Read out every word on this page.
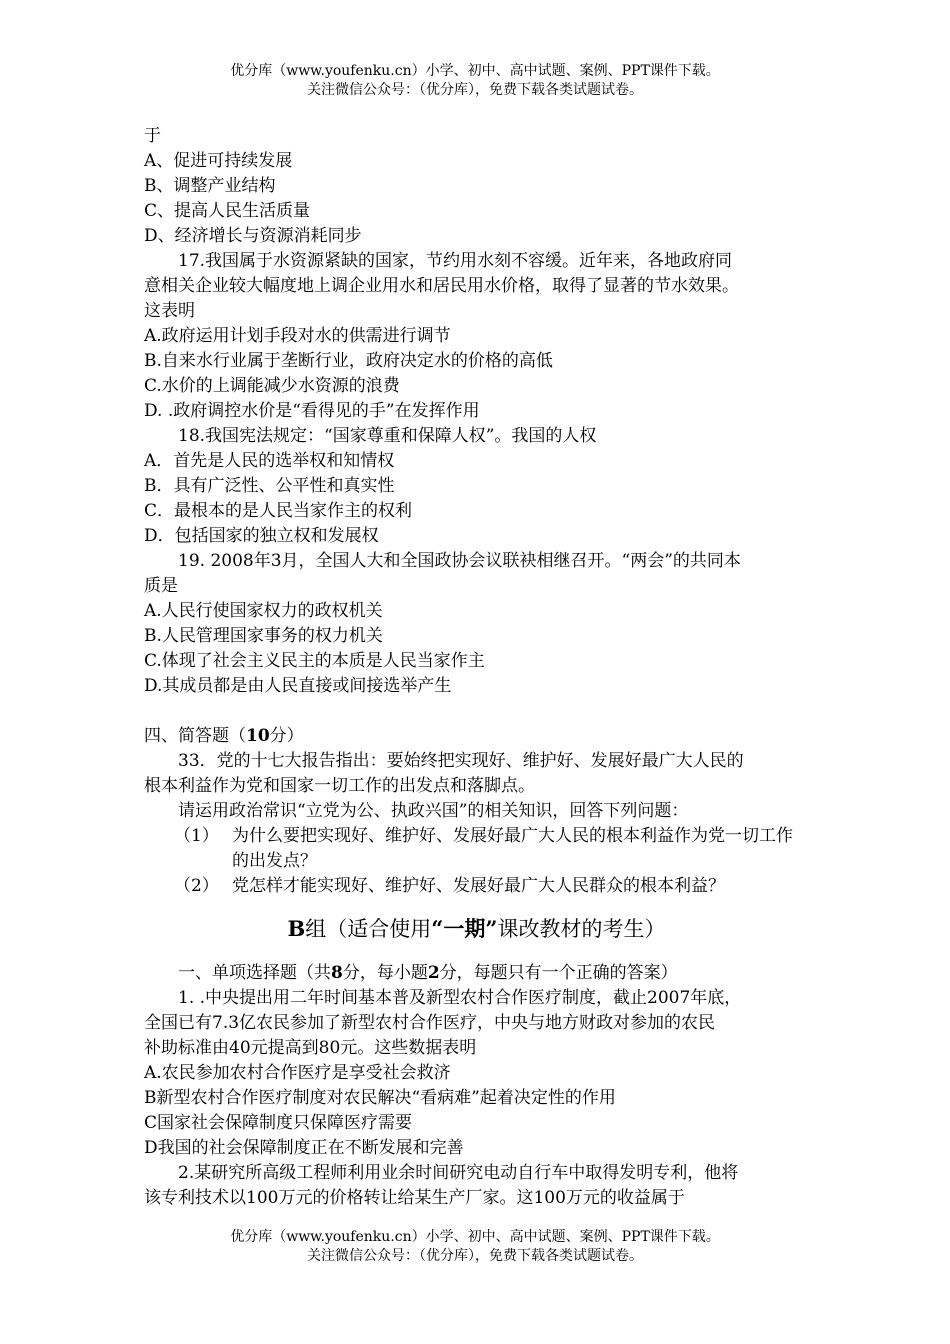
优分库（www.youfenku.cn）小学、初中、高中试题、案例、PPT课件下载。
关注微信公众号：（优分库），免费下载各类试题试卷。

于

A、促进可持续发展

B、调整产业结构

C、提高人民生活质量

D、经济增长与资源消耗同步

17.我国属于水资源紧缺的国家，节约用水刻不容缓。近年来，各地政府同

意相关企业较大幅度地上调企业用水和居民用水价格，取得了显著的节水效果。

这表明

A.政府运用计划手段对水的供需进行调节

B.自来水行业属于垄断行业，政府决定水的价格的高低

C.水价的上调能减少水资源的浪费

D. .政府调控水价是“看得见的手”在发挥作用

18.我国宪法规定：“国家尊重和保障人权”。我国的人权

A．首先是人民的选举权和知情权

B．具有广泛性、公平性和真实性

C．最根本的是人民当家作主的权利

D．包括国家的独立权和发展权

19. 2008年3月，全国人大和全国政协会议联袂相继召开。“两会”的共同本

质是

A.人民行使国家权力的政权机关

B.人民管理国家事务的权力机关

C.体现了社会主义民主的本质是人民当家作主

D.其成员都是由人民直接或间接选举产生

四、简答题（10分）

33．党的十七大报告指出：要始终把实现好、维护好、发展好最广大人民的

根本利益作为党和国家一切工作的出发点和落脚点。

请运用政治常识“立党为公、执政兴国”的相关知识，回答下列问题：

（1） 为什么要把实现好、维护好、发展好最广大人民的根本利益作为党一切工作的出发点？

（2） 党怎样才能实现好、维护好、发展好最广大人民群众的根本利益？

B组（适合使用“一期”课改教材的考生）

一、单项选择题（共8分，每小题2分，每题只有一个正确的答案）

1. .中央提出用二年时间基本普及新型农村合作医疗制度，截止2007年底，

全国已有7.3亿农民参加了新型农村合作医疗，中央与地方财政对参加的农民

补助标准由40元提高到80元。这些数据表明

A.农民参加农村合作医疗是享受社会救济

B新型农村合作医疗制度对农民解决“看病难”起着决定性的作用

C国家社会保障制度只保障医疗需要

D我国的社会保障制度正在不断发展和完善

2.某研究所高级工程师利用业余时间研究电动自行车中取得发明专利，他将

该专利技术以100万元的价格转让给某生产厂家。这100万元的收益属于

优分库（www.youfenku.cn）小学、初中、高中试题、案例、PPT课件下载。
关注微信公众号：（优分库），免费下载各类试题试卷。
